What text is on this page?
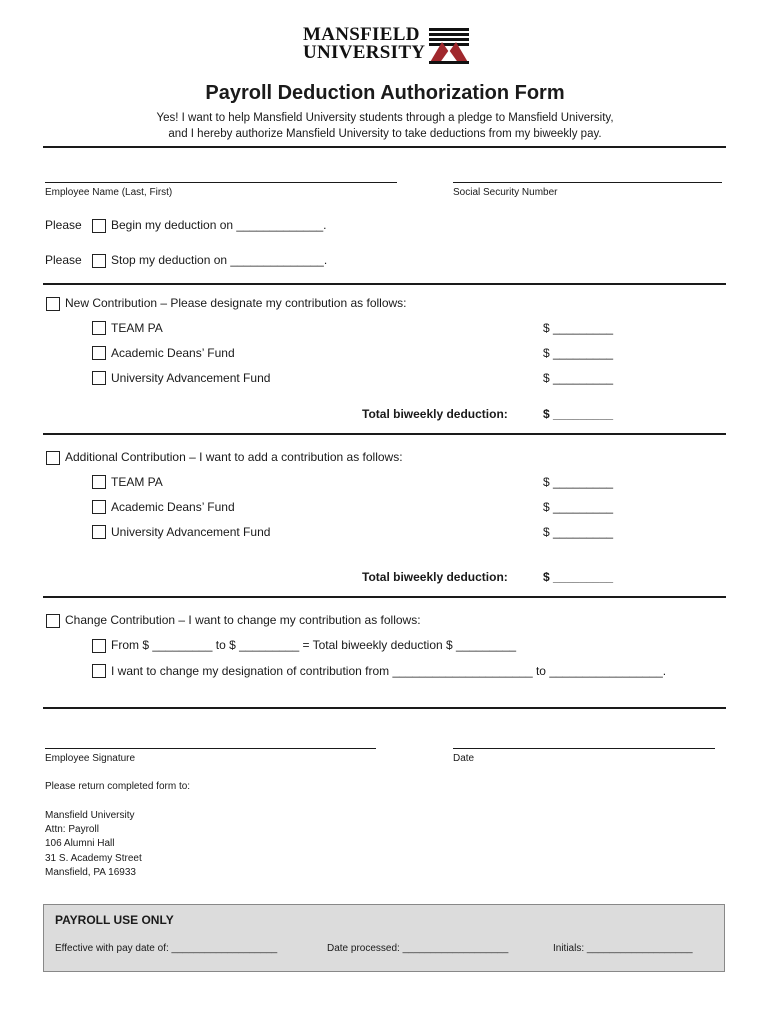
MANSFIELD
UNIVERSITY
Payroll Deduction Authorization Form
Yes! I want to help Mansfield University students through a pledge to Mansfield University,
and I hereby authorize Mansfield University to take deductions from my biweekly pay.
Employee Name (Last, First)	Social Security Number
Please Begin my deduction on _____________.
Please Stop my deduction on ______________.
New Contribution – Please designate my contribution as follows:
TEAM PA	$ _________
Academic Deans’ Fund	$ _________
University Advancement Fund	$ _________
Total biweekly deduction:	$ _________
Additional Contribution – I want to add a contribution as follows:
TEAM PA	$ _________
Academic Deans’ Fund	$ _________
University Advancement Fund	$ _________
Total biweekly deduction:	$ _________
Change Contribution – I want to change my contribution as follows:
From $ _________ to $ _________ = Total biweekly deduction $ _________
I want to change my designation of contribution from _____________________ to _________________.
Employee Signature	Date
Please return completed form to:
Mansfield University
Attn: Payroll
106 Alumni Hall
31 S. Academy Street
Mansfield, PA 16933
PAYROLL USE ONLY
Effective with pay date of: ___________________	Date processed: ___________________	Initials: ___________________
